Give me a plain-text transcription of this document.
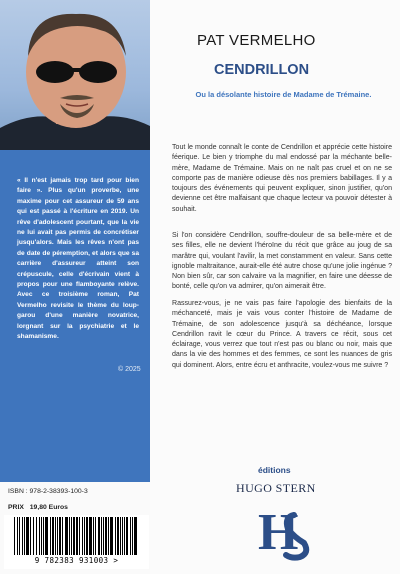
« Il n'est jamais trop tard pour bien faire ». Plus qu'un proverbe, une maxime pour cet assureur de 59 ans qui est passé à l'écriture en 2019. Un rêve d'adolescent pourtant, que la vie ne lui avait pas permis de concrétiser jusqu'alors. Mais les rêves n'ont pas de date de péremption, et alors que sa carrière d'assureur atteint son crépuscule, celle d'écrivain vient à propos pour une flamboyante relève. Avec ce troisième roman, Pat Vermelho revisite le thème du loup-garou d'une manière novatrice, lorgnant sur la psychiatrie et le shamanisme.

© 2025
ISBN : 978-2-38393-100-3
PRIX 19,80 Euros
9 782383 931003 >
PAT VERMELHO
CENDRILLON
Ou la désolante histoire de Madame de Trémaine.

Tout le monde connaît le conte de Cendrillon et apprécie cette histoire féerique. Le bien y triomphe du mal endossé par la méchante belle-mère, Madame de Trémaine. Mais on ne naît pas cruel et on ne se comporte pas de manière odieuse dès nos premiers babillages. Il y a toujours des événements qui peuvent expliquer, sinon justifier, qu'on devienne cet être malfaisant que chaque lecteur va pouvoir détester à souhait.

Si l'on considère Cendrillon, souffre-douleur de sa belle-mère et de ses filles, elle ne devient l'héroïne du récit que grâce au joug de sa marâtre qui, voulant l'avilir, la met constamment en valeur. Sans cette ignoble maltraitance, aurait-elle été autre chose qu'une jolie ingénue ? Non bien sûr, car son calvaire va la magnifier, en faire une déesse de bonté, celle qu'on va admirer, qu'on aimerait être.

Rassurez-vous, je ne vais pas faire l'apologie des bienfaits de la méchanceté, mais je vais vous conter l'histoire de Madame de Trémaine, de son adolescence jusqu'à sa déchéance, lorsque Cendrillon ravit le cœur du Prince. A travers ce récit, sous cet éclairage, vous verrez que tout n'est pas ou blanc ou noir, mais que dans la vie des hommes et des femmes, ce sont les nuances de gris qui dominent. Alors, entre écru et anthracite, voulez-vous me suivre ?

éditions
HUGO STERN
H
